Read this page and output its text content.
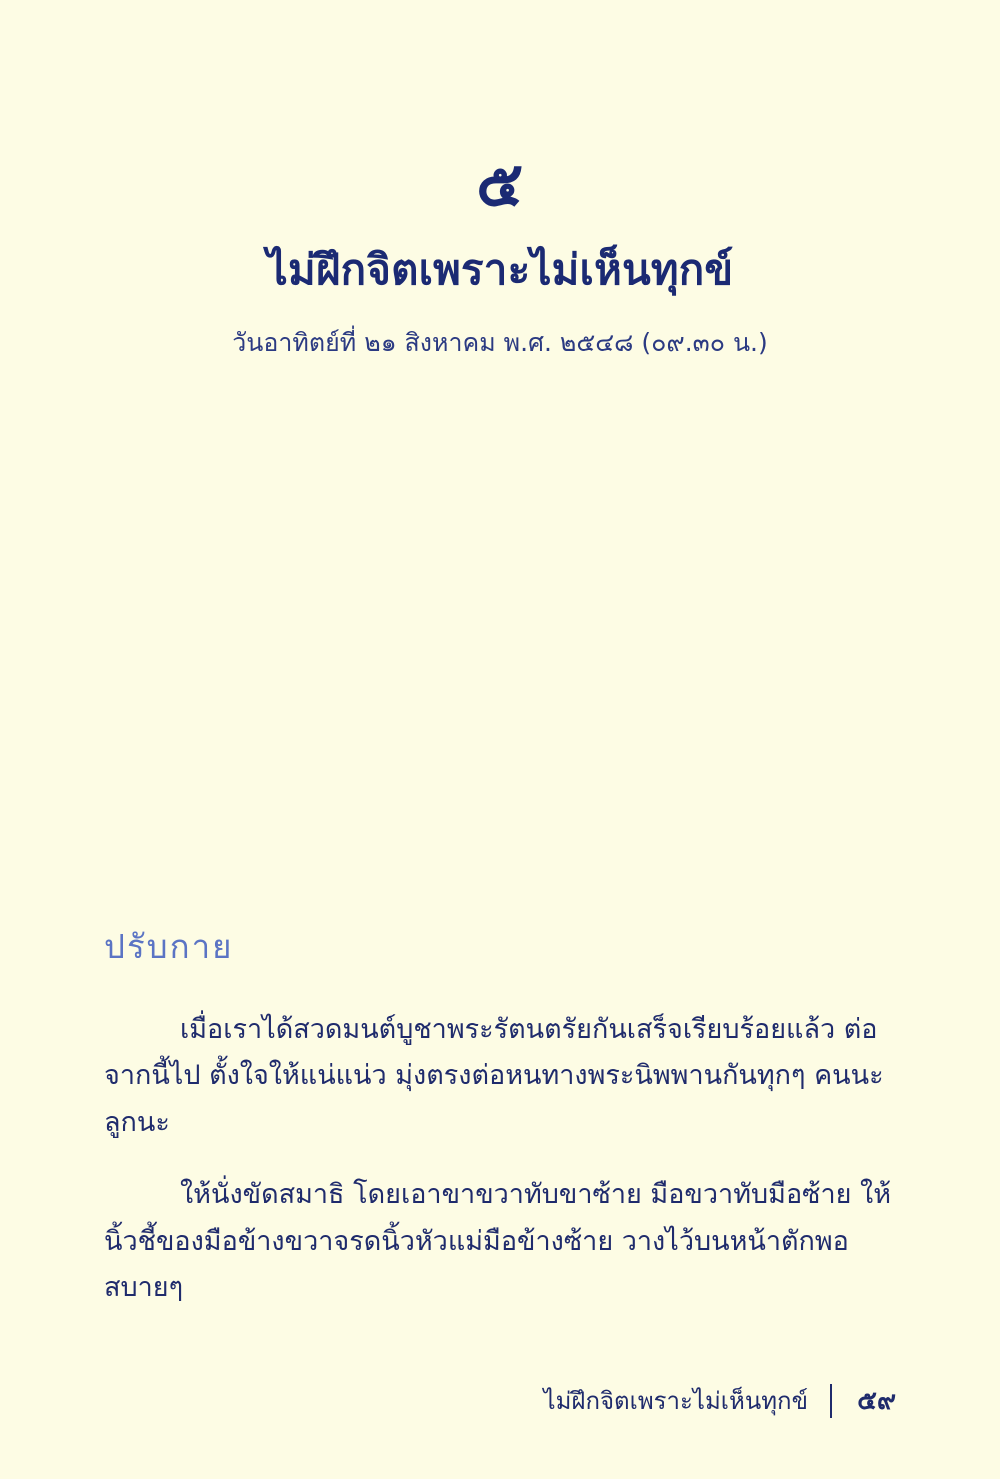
๕
ไม่ฝึกจิตเพราะไม่เห็นทุกข์
วันอาทิตย์ที่ ๒๑ สิงหาคม พ.ศ. ๒๕๔๘ (๐๙.๓๐ น.)
ปรับกาย

เมื่อเราได้สวดมนต์บูชาพระรัตนตรัยกันเสร็จเรียบร้อยแล้ว ต่อจากนี้ไป ตั้งใจให้แน่แน่ว มุ่งตรงต่อหนทางพระนิพพานกันทุกๆ คนนะลูกนะ

ให้นั่งขัดสมาธิ โดยเอาขาขวาทับขาซ้าย มือขวาทับมือซ้าย ให้นิ้วชี้ของมือข้างขวาจรดนิ้วหัวแม่มือข้างซ้าย วางไว้บนหน้าตักพอสบายๆ

ไม่ฝึกจิตเพราะไม่เห็นทุกข์ ๕๙
